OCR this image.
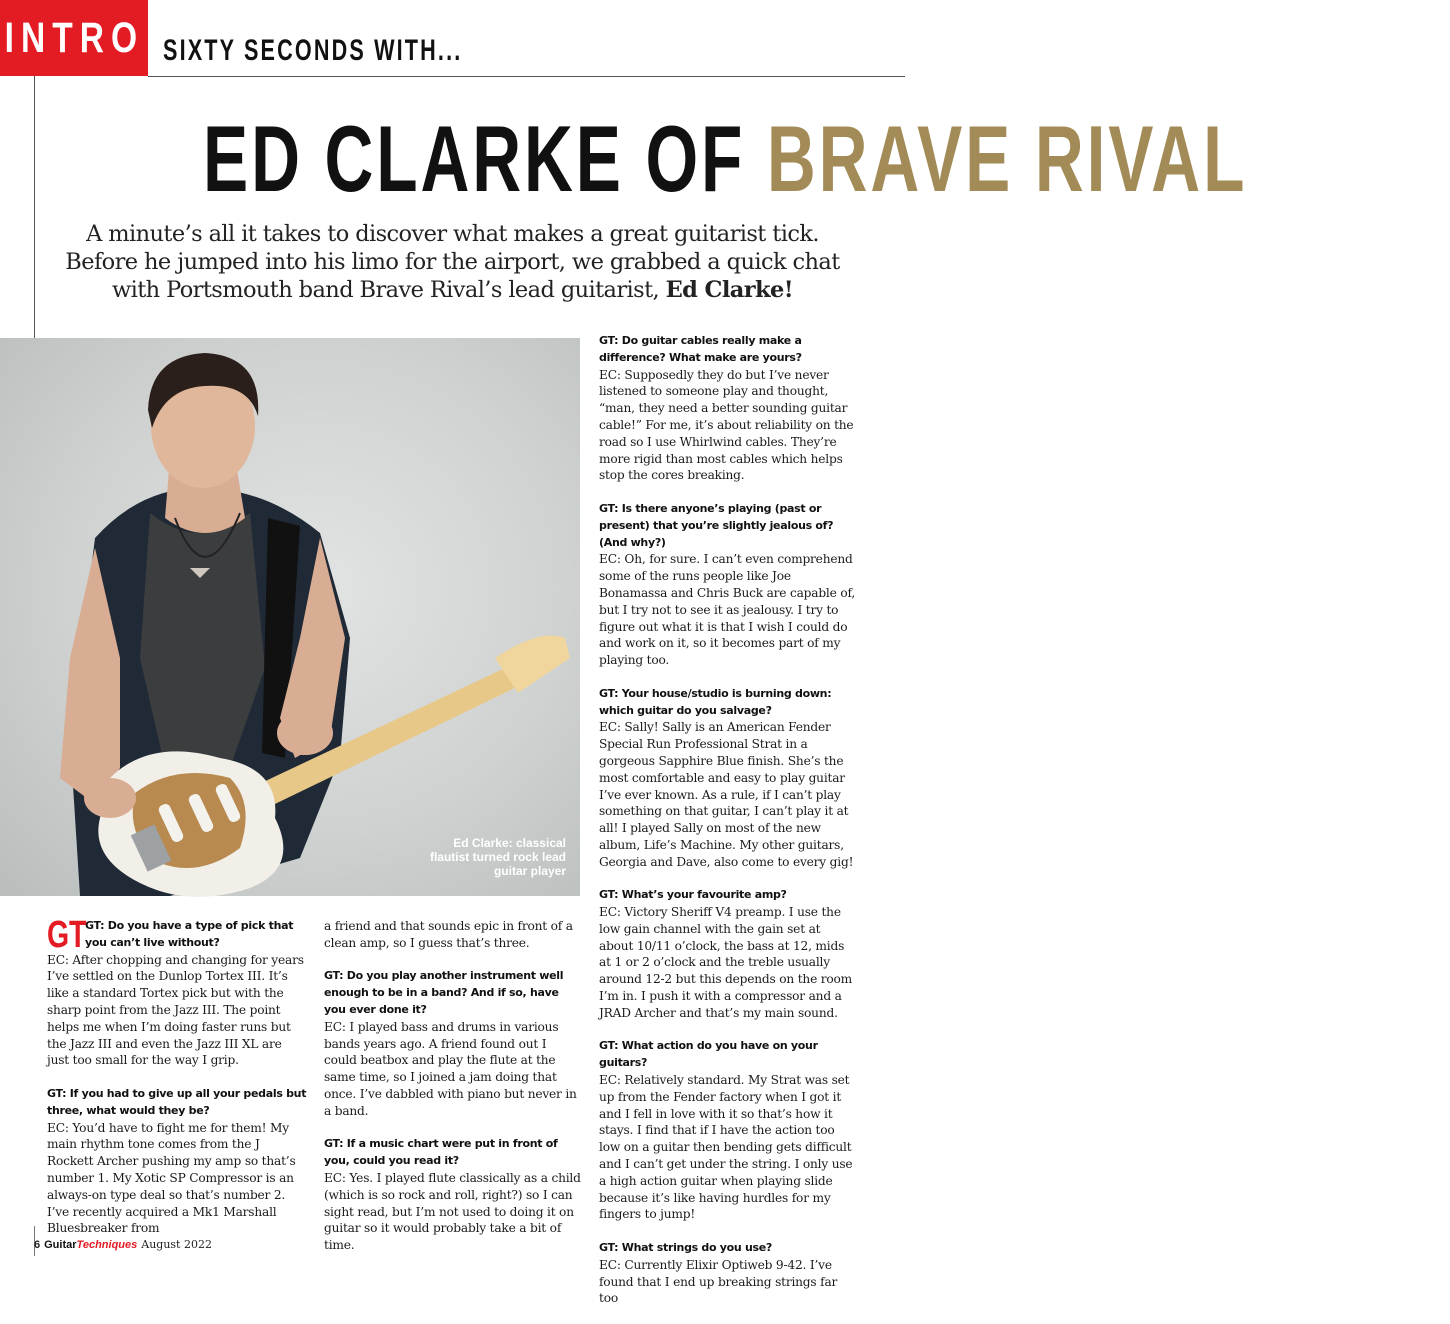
INTRO SIXTY SECONDS WITH...
ED CLARKE OF BRAVE RIVAL
A minute’s all it takes to discover what makes a great guitarist tick.
Before he jumped into his limo for the airport, we grabbed a quick chat
with Portsmouth band Brave Rival’s lead guitarist, Ed Clarke!
Ed Clarke: classical flautist turned rock lead guitar player
GT
GT: Do you have a type of pick that you can’t live without?
EC: After chopping and changing for years I’ve settled on the Dunlop Tortex III. It’s like a standard Tortex pick but with the sharp point from the Jazz III. The point helps me when I’m doing faster runs but the Jazz III and even the Jazz III XL are just too small for the way I grip.
GT: If you had to give up all your pedals but three, what would they be?
EC: You’d have to fight me for them! My main rhythm tone comes from the J Rockett Archer pushing my amp so that’s number 1. My Xotic SP Compressor is an always-on type deal so that’s number 2. I’ve recently acquired a Mk1 Marshall Bluesbreaker from
a friend and that sounds epic in front of a clean amp, so I guess that’s three.
GT: Do you play another instrument well enough to be in a band? And if so, have you ever done it?
EC: I played bass and drums in various bands years ago. A friend found out I could beatbox and play the flute at the same time, so I joined a jam doing that once. I’ve dabbled with piano but never in a band.
GT: If a music chart were put in front of you, could you read it?
EC: Yes. I played flute classically as a child (which is so rock and roll, right?) so I can sight read, but I’m not used to doing it on guitar so it would probably take a bit of time.
GT: Do guitar cables really make a difference? What make are yours?
EC: Supposedly they do but I’ve never listened to someone play and thought, “man, they need a better sounding guitar cable!” For me, it’s about reliability on the road so I use Whirlwind cables. They’re more rigid than most cables which helps stop the cores breaking.
GT: Is there anyone’s playing (past or present) that you’re slightly jealous of? (And why?)
EC: Oh, for sure. I can’t even comprehend some of the runs people like Joe Bonamassa and Chris Buck are capable of, but I try not to see it as jealousy. I try to figure out what it is that I wish I could do and work on it, so it becomes part of my playing too.
GT: Your house/studio is burning down: which guitar do you salvage?
EC: Sally! Sally is an American Fender Special Run Professional Strat in a gorgeous Sapphire Blue finish. She’s the most comfortable and easy to play guitar I’ve ever known. As a rule, if I can’t play something on that guitar, I can’t play it at all! I played Sally on most of the new album, Life’s Machine. My other guitars, Georgia and Dave, also come to every gig!
GT: What’s your favourite amp?
EC: Victory Sheriff V4 preamp. I use the low gain channel with the gain set at about 10/11 o’clock, the bass at 12, mids at 1 or 2 o’clock and the treble usually around 12-2 but this depends on the room I’m in. I push it with a compressor and a JRAD Archer and that’s my main sound.
GT: What action do you have on your guitars?
EC: Relatively standard. My Strat was set up from the Fender factory when I got it and I fell in love with it so that’s how it stays. I find that if I have the action too low on a guitar then bending gets difficult and I can’t get under the string. I only use a high action guitar when playing slide because it’s like having hurdles for my fingers to jump!
GT: What strings do you use?
EC: Currently Elixir Optiweb 9-42. I’ve found that I end up breaking strings far too
6 GuitarTechniques August 2022
